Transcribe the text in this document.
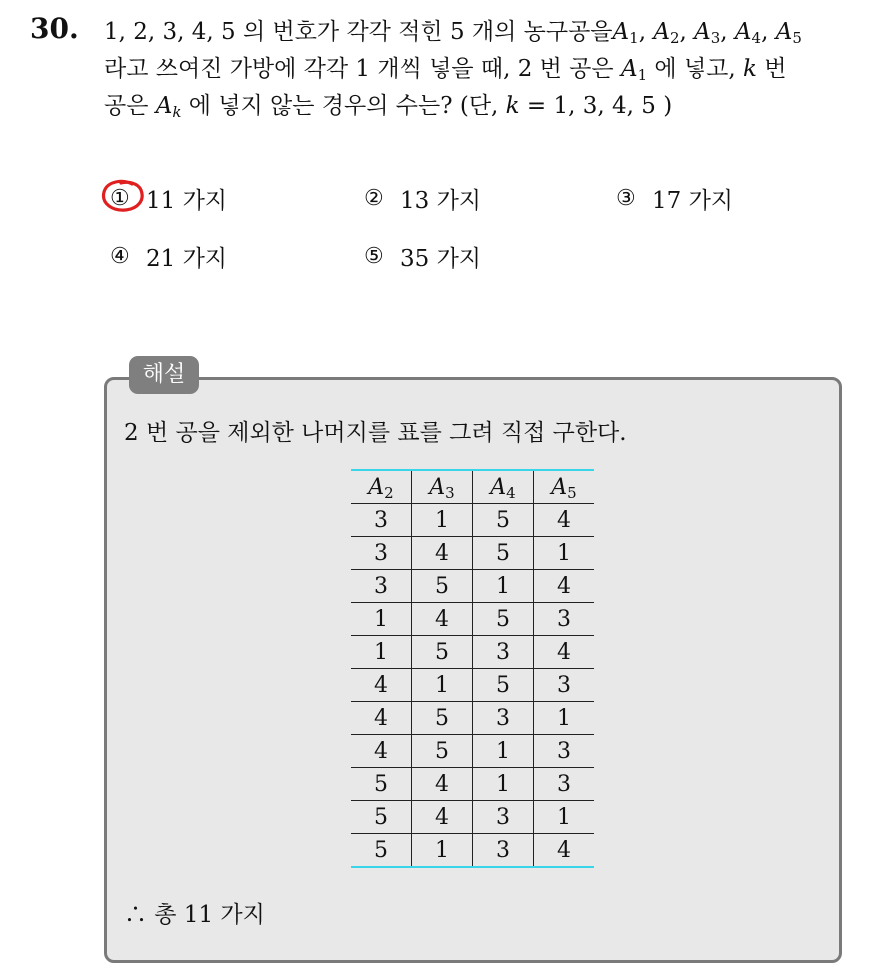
30. 1, 2, 3, 4, 5 의 번호가 각각 적힌 5 개의 농구공을$A_1$, $A_2$, $A_3$, $A_4$, $A_5$
라고 쓰여진 가방에 각각 1 개씩 넣을 때, 2 번 공은 $A_1$ 에 넣고, k 번
공은 $A_k$ 에 넣지 않는 경우의 수는? (단, k = 1, 3, 4, 5 )
① 11 가지	② 13 가지	③ 17 가지
④ 21 가지	⑤ 35 가지
해설
2 번 공을 제외한 나머지를 표를 그려 직접 구한다.
$A_2$	$A_3$	$A_4$	$A_5$
3	1	5	4
3	4	5	1
3	5	1	4
1	4	5	3
1	5	3	4
4	1	5	3
4	5	3	1
4	5	1	3
5	4	1	3
5	4	3	1
5	1	3	4
∴ 총 11 가지
